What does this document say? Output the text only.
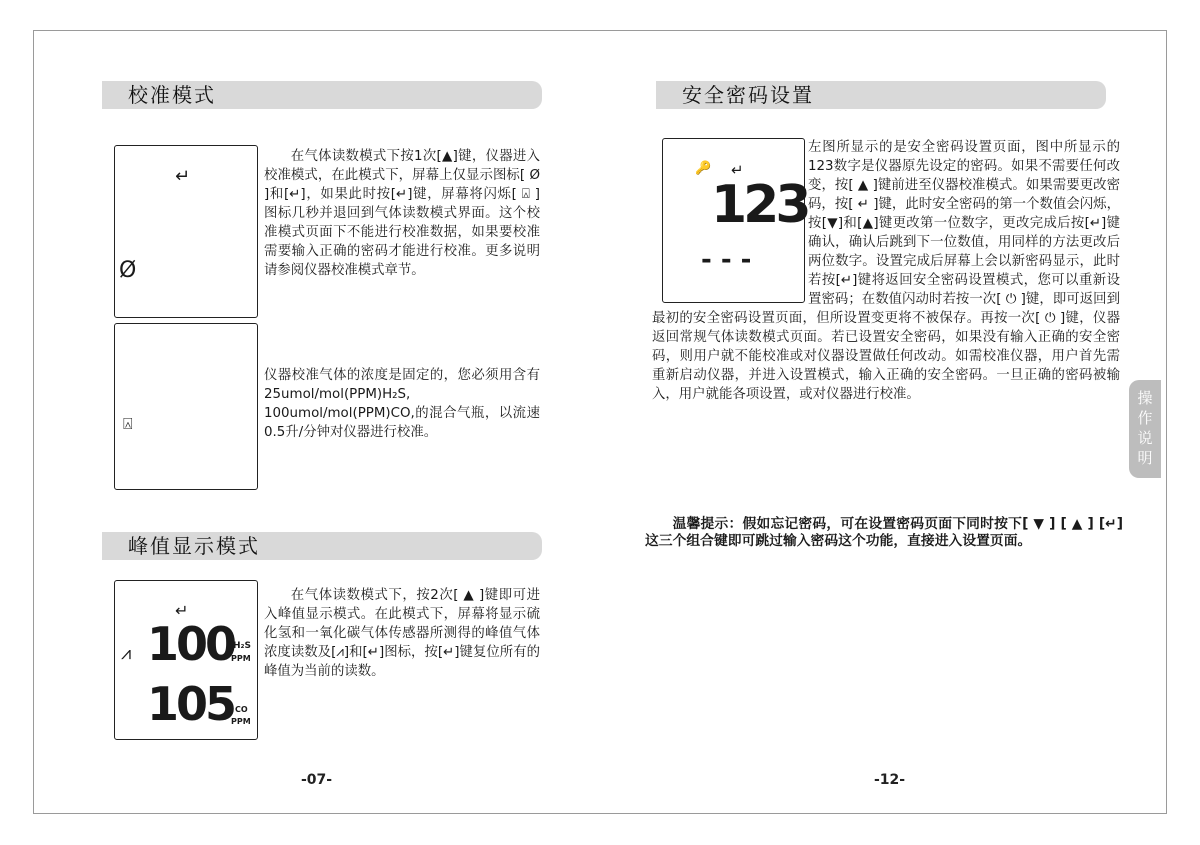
校准模式
↵
Ø

在气体读数模式下按1次[▲]键，仪器进入校准模式，在此模式下，屏幕上仅显示图标[ Ø ]和[↵]，如果此时按[↵]键，屏幕将闪烁[ ⍓ ]图标几秒并退回到气体读数模式界面。这个校准模式页面下不能进行校准数据，如果要校准需要输入正确的密码才能进行校准。更多说明请参阅仪器校准模式章节。

⍓

仪器校准气体的浓度是固定的，您必须用含有25umol/mol(PPM)H₂S, 100umol/mol(PPM)CO,的混合气瓶，以流速0.5升/分钟对仪器进行校准。

峰值显示模式
↵
⩘ 100
H₂S
PPM
105 CO
PPM

在气体读数模式下，按2次[ ▲ ]键即可进入峰值显示模式。在此模式下，屏幕将显示硫化氢和一氧化碳气体传感器所测得的峰值气体浓度读数及[⩘]和[↵]图标，按[↵]键复位所有的峰值为当前的读数。

-07-
安全密码设置
🔑 ↵
123
- - -

左图所显示的是安全密码设置页面，图中所显示的123数字是仪器原先设定的密码。如果不需要任何改变，按[ ▲ ]键前进至仪器校准模式。如果需要更改密码，按[ ↵ ]键，此时安全密码的第一个数值会闪烁，按[▼]和[▲]键更改第一位数字，更改完成后按[↵]键确认，确认后跳到下一位数值，用同样的方法更改后两位数字。设置完成后屏幕上会以新密码显示，此时若按[↵]键将返回安全密码设置模式，您可以重新设置密码；在数值闪动时若按一次[ ⏻ ]键，即可返回到最初的安全密码设置页面，但所设置变更将不被保存。再按一次[ ⏻ ]键，仪器返回常规气体读数模式页面。若已设置安全密码，如果没有输入正确的安全密码，则用户就不能校准或对仪器设置做任何改动。如需校准仪器，用户首先需重新启动仪器，并进入设置模式，输入正确的安全密码。一旦正确的密码被输入，用户就能各项设置，或对仪器进行校准。

温馨提示：假如忘记密码，可在设置密码页面下同时按下[ ▼ ] [ ▲ ] [↵]这三个组合键即可跳过输入密码这个功能，直接进入设置页面。

操
作
说
明
-12-
